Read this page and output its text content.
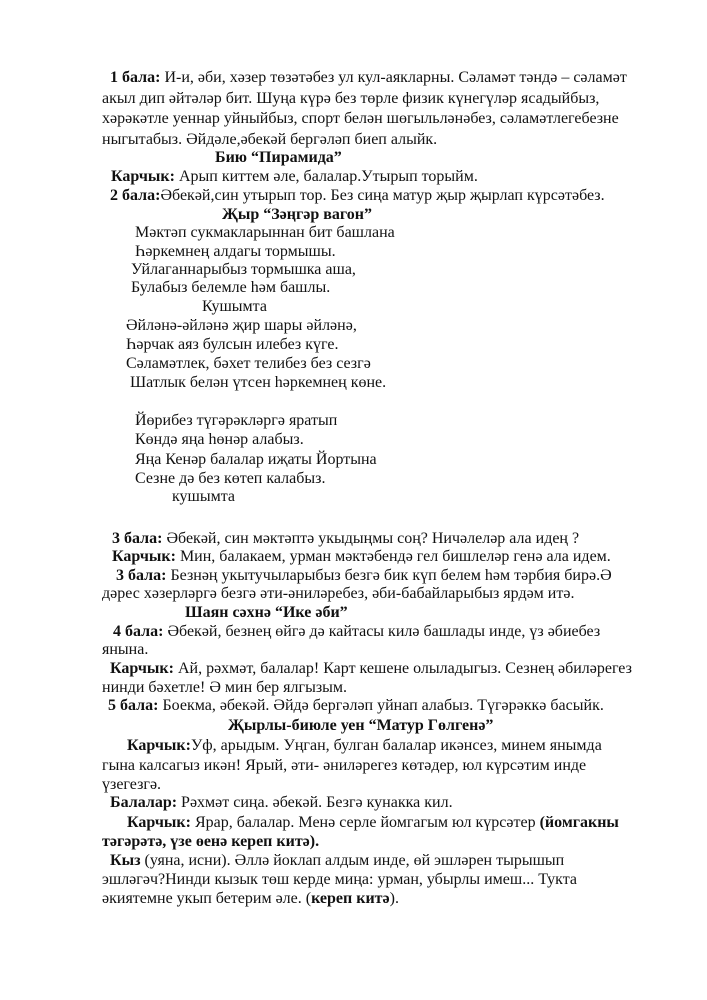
1 бала: И-и, әби, хәзер төзәтәбез ул кул-аякларны. Сәламәт тәндә – сәламәт
акыл дип әйтәләр бит. Шуңа күрә без төрле физик күнегүләр ясадыйбыз,
хәрәкәтле уеннар уйныйбыз, спорт белән шөгыльләнәбез, сәламәтлегебезне
ныгытабыз. Әйдәле,әбекәй бергәләп биеп алыйк.
Бию “Пирамида”
Карчык: Арып киттем әле, балалар.Утырып торыйм.
2 бала:Әбекәй,син утырып тор. Без сиңа матур җыр җырлап күрсәтәбез.
Җыр “Зәңгәр вагон”
Мәктәп сукмакларыннан бит башлана
Һәркемнең алдагы тормышы.
Уйлаганнарыбыз тормышка аша,
Булабыз белемле һәм башлы.
Кушымта
Әйләнә-әйләнә җир шары әйләнә,
Һәрчак аяз булсын илебез күге.
Сәламәтлек, бәхет телибез без сезгә
Шатлык белән үтсен һәркемнең көне.
Йөрибез түгәрәкләргә яратып
Көндә яңа һөнәр алабыз.
Яңа Кенәр балалар иҗаты Йортына
Сезне дә без көтеп калабыз.
кушымта
3 бала: Әбекәй, син мәктәптә укыдыңмы соң? Ничәлеләр ала идең ?
Карчык: Мин, балакаем, урман мәктәбендә гел бишлеләр генә ала идем.
3 бала: Безнәң укытучыларыбыз безгә бик күп белем һәм тәрбия бирә.Ә
дәрес хәзерләргә безгә әти-әниләребез, әби-бабайларыбыз ярдәм итә.
Шаян сәхнә “Ике әби”
4 бала: Әбекәй, безнең өйгә дә кайтасы килә башлады инде, үз әбиебез
янына.
Карчык: Ай, рәхмәт, балалар! Карт кешене олыладыгыз. Сезнең әбиләрегез
нинди бәхетле! Ә мин бер ялгызым.
5 бала: Боекма, әбекәй. Әйдә бергәләп уйнап алабыз. Түгәрәккә басыйк.
Җырлы-биюле уен “Матур Гөлгенә”
Карчык:Уф, арыдым. Уңган, булган балалар икәнсез, минем янымда
гына калсагыз икән! Ярый, әти- әниләрегез көтәдер, юл күрсәтим инде
үзегезгә.
Балалар: Рәхмәт сиңа. әбекәй. Безгә кунакка кил.
Карчык: Ярар, балалар. Менә серле йомгагым юл күрсәтер (йомгакны
тәгәрәтә, үзе өенә кереп китә).
Кыз (уяна, исни). Әллә йоклап алдым инде, өй эшләрен тырышып
эшләгәч?Нинди кызык төш керде миңа: урман, убырлы имеш... Тукта
әкиятемне укып бетерим әле. (кереп китә).
